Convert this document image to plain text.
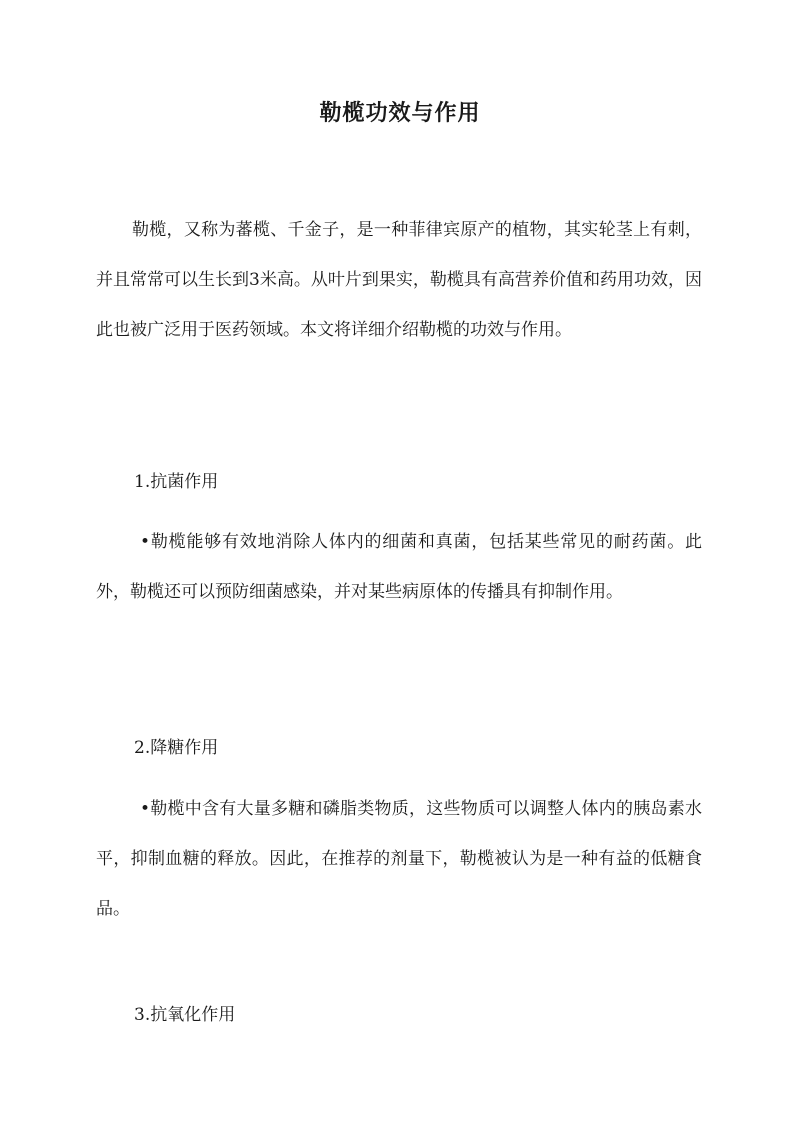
勒榄功效与作用

勒榄，又称为蕃榄、千金子，是一种菲律宾原产的植物，其实轮茎上有刺，并且常常可以生长到3米高。从叶片到果实，勒榄具有高营养价值和药用功效，因此也被广泛用于医药领域。本文将详细介绍勒榄的功效与作用。

1.抗菌作用

•勒榄能够有效地消除人体内的细菌和真菌，包括某些常见的耐药菌。此外，勒榄还可以预防细菌感染，并对某些病原体的传播具有抑制作用。

2.降糖作用

•勒榄中含有大量多糖和磷脂类物质，这些物质可以调整人体内的胰岛素水平，抑制血糖的释放。因此，在推荐的剂量下，勒榄被认为是一种有益的低糖食品。

3.抗氧化作用
